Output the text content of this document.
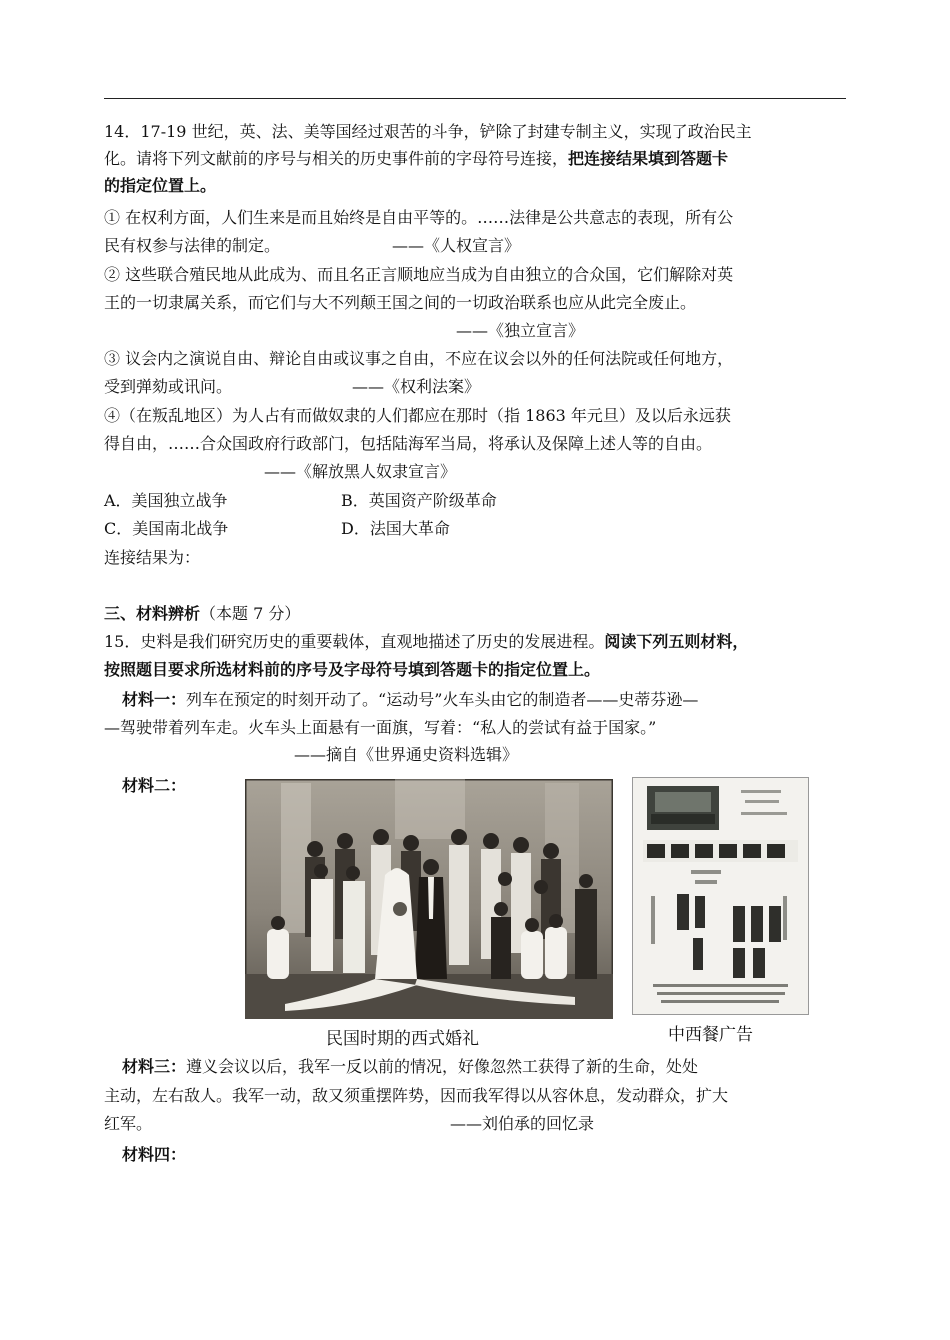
14．17-19 世纪，英、法、美等国经过艰苦的斗争，铲除了封建专制主义，实现了政治民主
化。请将下列文献前的序号与相关的历史事件前的字母符号连接，把连接结果填到答题卡
的指定位置上。
① 在权利方面，人们生来是而且始终是自由平等的。……法律是公共意志的表现，所有公
民有权参与法律的制定。	——《人权宣言》
② 这些联合殖民地从此成为、而且名正言顺地应当成为自由独立的合众国，它们解除对英
王的一切隶属关系，而它们与大不列颠王国之间的一切政治联系也应从此完全废止。
——《独立宣言》
③ 议会内之演说自由、辩论自由或议事之自由，不应在议会以外的任何法院或任何地方，
受到弹劾或讯问。	——《权利法案》
④（在叛乱地区）为人占有而做奴隶的人们都应在那时（指 1863 年元旦）及以后永远获
得自由，……合众国政府行政部门，包括陆海军当局，将承认及保障上述人等的自由。
——《解放黑人奴隶宣言》
A．美国独立战争	B．英国资产阶级革命
C．美国南北战争	D．法国大革命
连接结果为：
三、材料辨析（本题 7 分）
15．史料是我们研究历史的重要载体，直观地描述了历史的发展进程。阅读下列五则材料，
按照题目要求所选材料前的序号及字母符号填到答题卡的指定位置上。
材料一：列车在预定的时刻开动了。“运动号”火车头由它的制造者——史蒂芬逊—
—驾驶带着列车走。火车头上面悬有一面旗，写着：“私人的尝试有益于国家。”
——摘自《世界通史资料选辑》
材料二：
民国时期的西式婚礼	中西餐广告
材料三：遵义会议以后，我军一反以前的情况，好像忽然工获得了新的生命，处处
主动，左右敌人。我军一动，敌又须重摆阵势，因而我军得以从容休息，发动群众，扩大
红军。	——刘伯承的回忆录
材料四：
